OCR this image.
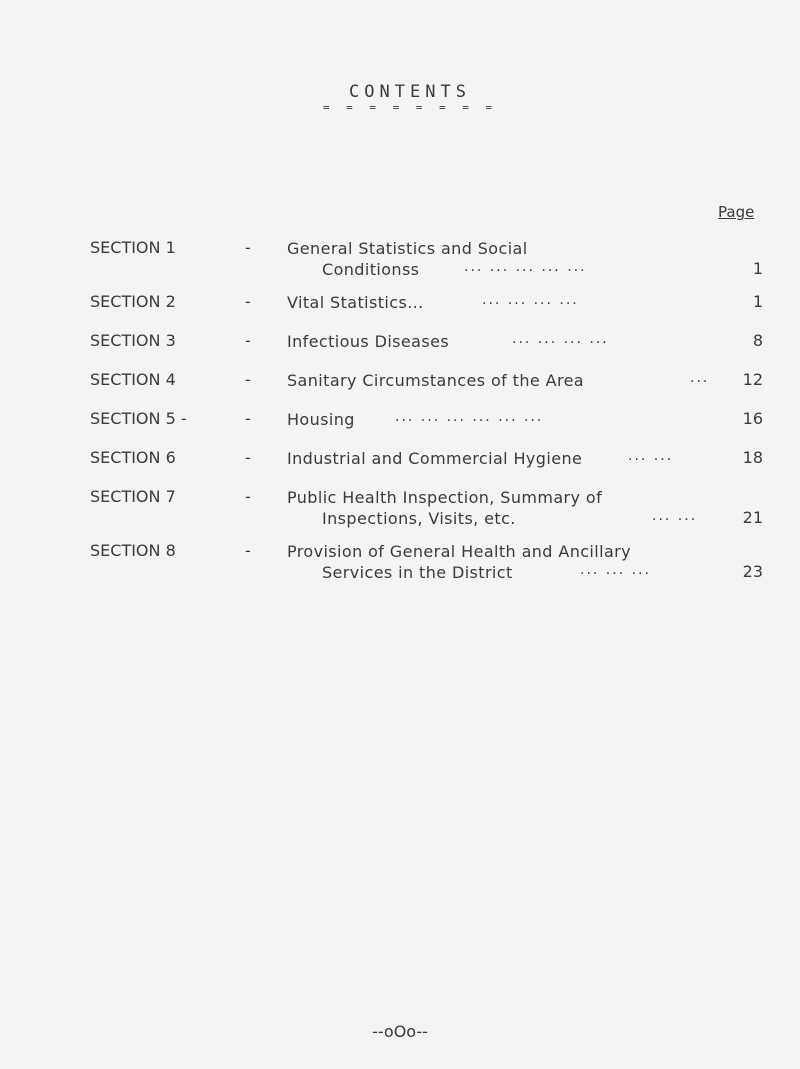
CONTENTS
= = = = = = = =
Page
SECTION 1	- General Statistics and Social
Conditionss	... ... ... ... ...	1
SECTION 2	- Vital Statistics...	... ... ... ...	1
SECTION 3	- Infectious Diseases	... ... ... ...	8
SECTION 4	- Sanitary Circumstances of the Area	...	12
SECTION 5 -	- Housing	... ... ... ... ... ...	16
SECTION 6	- Industrial and Commercial Hygiene	... ...	18
SECTION 7	- Public Health Inspection, Summary of
Inspections, Visits, etc.	... ...	21
SECTION 8	- Provision of General Health and Ancillary
Services in the District	... ... ...	23
--oOo--
